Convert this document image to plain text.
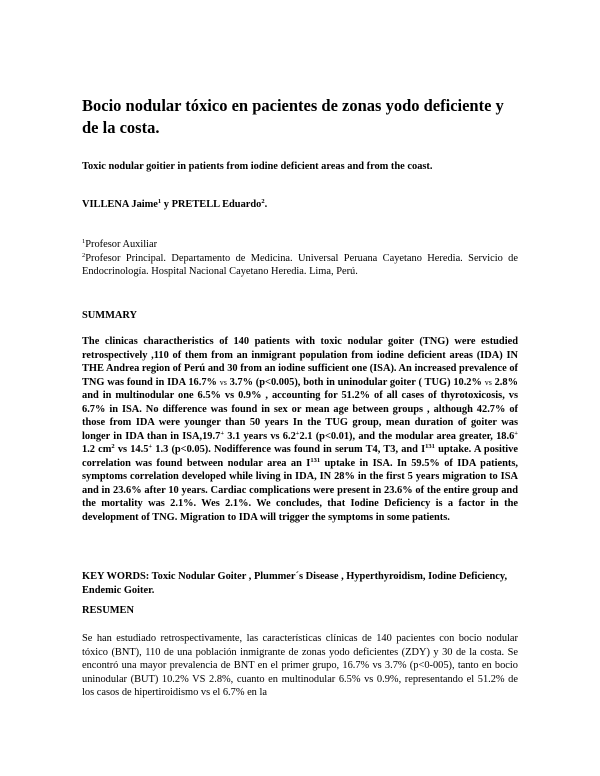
Bocio nodular tóxico en pacientes de zonas yodo deficiente y de la costa.
Toxic nodular goitier in patients from iodine deficient areas and from the coast.
VILLENA Jaime$^1$ y PRETELL Eduardo$^2$.

$^1$Profesor Auxiliar

$^2$Profesor Principal. Departamento de Medicina. Universal Peruana Cayetano Heredia. Servicio de Endocrinología. Hospital Nacional Cayetano Heredia. Lima, Perú.

SUMMARY

The clinicas charactheristics of 140 patients with toxic nodular goiter (TNG) were estudied retrospectively ,110 of them from an inmigrant population from iodine deficient areas (IDA) IN THE Andrea region of Perú and 30 from an iodine sufficient one (ISA). An increased prevalence of TNG was found in IDA 16.7% vs 3.7% (p<0.005), both in uninodular goiter ( TUG) 10.2% vs 2.8% and in multinodular one 6.5% vs 0.9% , accounting for 51.2% of all cases of thyrotoxicosis, vs 6.7% in ISA. No difference was found in sex or mean age between groups , although 42.7% of those from IDA were younger than 50 years In the TUG group, mean duration of goiter was longer in IDA than in ISA,19.7+ 3.1 years vs 6.2+2.1 (p<0.01), and the modular area greater, 18.6+ 1.2 $cm^2$ vs 14.5+ 1.3 (p<0.05). Nodifference was found in serum T4, T3, and $I^{131}$ uptake. A positive correlation was found between nodular area an $I^{131}$ uptake in ISA. In 59.5% of IDA patients, symptoms correlation developed while living in IDA, IN 28% in the first 5 years migration to ISA and in 23.6% after 10 years. Cardiac complications were present in 23.6% of the entire group and the mortality was 2.1%. Wes 2.1%. We concludes, that Iodine Deficiency is a factor in the development of TNG. Migration to IDA will trigger the symptoms in some patients.

KEY WORDS: Toxic Nodular Goiter , Plummer´s Disease , Hyperthyroidism, Iodine Deficiency, Endemic Goiter.

RESUMEN

Se han estudiado retrospectivamente, las características clínicas de 140 pacientes con bocio nodular tóxico (BNT), 110 de una población inmigrante de zonas yodo deficientes (ZDY) y 30 de la costa. Se encontró una mayor prevalencia de BNT en el primer grupo, 16.7% vs 3.7% (p<0-005), tanto en bocio uninodular (BUT) 10.2% VS 2.8%, cuanto en multinodular 6.5% vs 0.9%, representando el 51.2% de los casos de hipertiroidismo vs el 6.7% en la
